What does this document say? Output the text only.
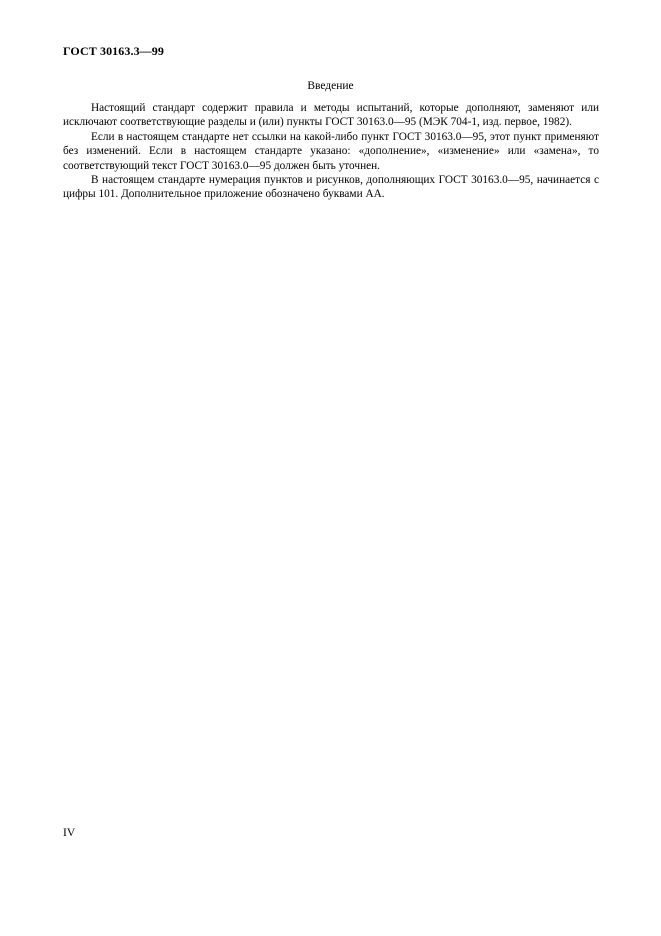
ГОСТ 30163.3—99
Введение

Настоящий стандарт содержит правила и методы испытаний, которые дополняют, заменяют или исключают соответствующие разделы и (или) пункты ГОСТ 30163.0—95 (МЭК 704-1, изд. первое, 1982).

Если в настоящем стандарте нет ссылки на какой-либо пункт ГОСТ 30163.0—95, этот пункт применяют без изменений. Если в настоящем стандарте указано: «дополнение», «изменение» или «замена», то соответствующий текст ГОСТ 30163.0—95 должен быть уточнен.

В настоящем стандарте нумерация пунктов и рисунков, дополняющих ГОСТ 30163.0—95, начинается с цифры 101. Дополнительное приложение обозначено буквами АА.

IV
